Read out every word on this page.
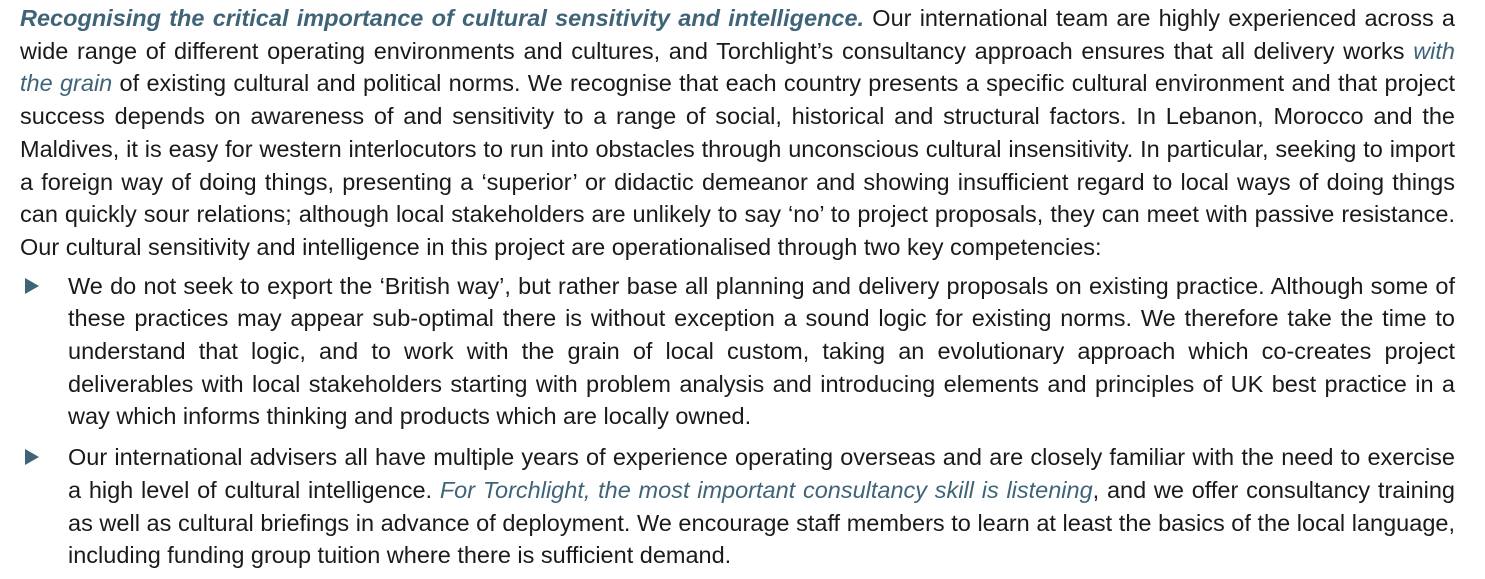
Recognising the critical importance of cultural sensitivity and intelligence. Our international team are highly experienced across a wide range of different operating environments and cultures, and Torchlight’s consultancy approach ensures that all delivery works with the grain of existing cultural and political norms. We recognise that each country presents a specific cultural environment and that project success depends on awareness of and sensitivity to a range of social, historical and structural factors. In Lebanon, Morocco and the Maldives, it is easy for western interlocutors to run into obstacles through unconscious cultural insensitivity. In particular, seeking to import a foreign way of doing things, presenting a ‘superior’ or didactic demeanor and showing insufficient regard to local ways of doing things can quickly sour relations; although local stakeholders are unlikely to say ‘no’ to project proposals, they can meet with passive resistance. Our cultural sensitivity and intelligence in this project are operationalised through two key competencies:

We do not seek to export the ‘British way’, but rather base all planning and delivery proposals on existing practice. Although some of these practices may appear sub-optimal there is without exception a sound logic for existing norms. We therefore take the time to understand that logic, and to work with the grain of local custom, taking an evolutionary approach which co-creates project deliverables with local stakeholders starting with problem analysis and introducing elements and principles of UK best practice in a way which informs thinking and products which are locally owned.
Our international advisers all have multiple years of experience operating overseas and are closely familiar with the need to exercise a high level of cultural intelligence. For Torchlight, the most important consultancy skill is listening, and we offer consultancy training as well as cultural briefings in advance of deployment. We encourage staff members to learn at least the basics of the local language, including funding group tuition where there is sufficient demand.
